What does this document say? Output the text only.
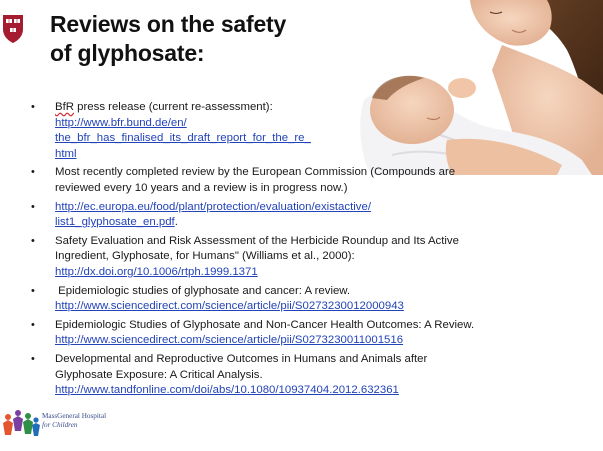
Reviews on the safety
of glyphosate:
• BfR press release (current re-assessment):
http://www.bfr.bund.de/en/
the_bfr_has_finalised_its_draft_report_for_the_re_
html
• Most recently completed review by the European Commission (Compounds are
reviewed every 10 years and a review is in progress now.)
• http://ec.europa.eu/food/plant/protection/evaluation/existactive/
list1_glyphosate_en.pdf.
• Safety Evaluation and Risk Assessment of the Herbicide Roundup and Its Active
Ingredient, Glyphosate, for Humans" (Williams et al., 2000):
http://dx.doi.org/10.1006/rtph.1999.1371
• Epidemiologic studies of glyphosate and cancer: A review.
http://www.sciencedirect.com/science/article/pii/S0273230012000943
• Epidemiologic Studies of Glyphosate and Non-Cancer Health Outcomes: A Review.
http://www.sciencedirect.com/science/article/pii/S0273230011001516
• Developmental and Reproductive Outcomes in Humans and Animals after
Glyphosate Exposure: A Critical Analysis.
http://www.tandfonline.com/doi/abs/10.1080/10937404.2012.632361
MassGeneral Hospital
for Children
